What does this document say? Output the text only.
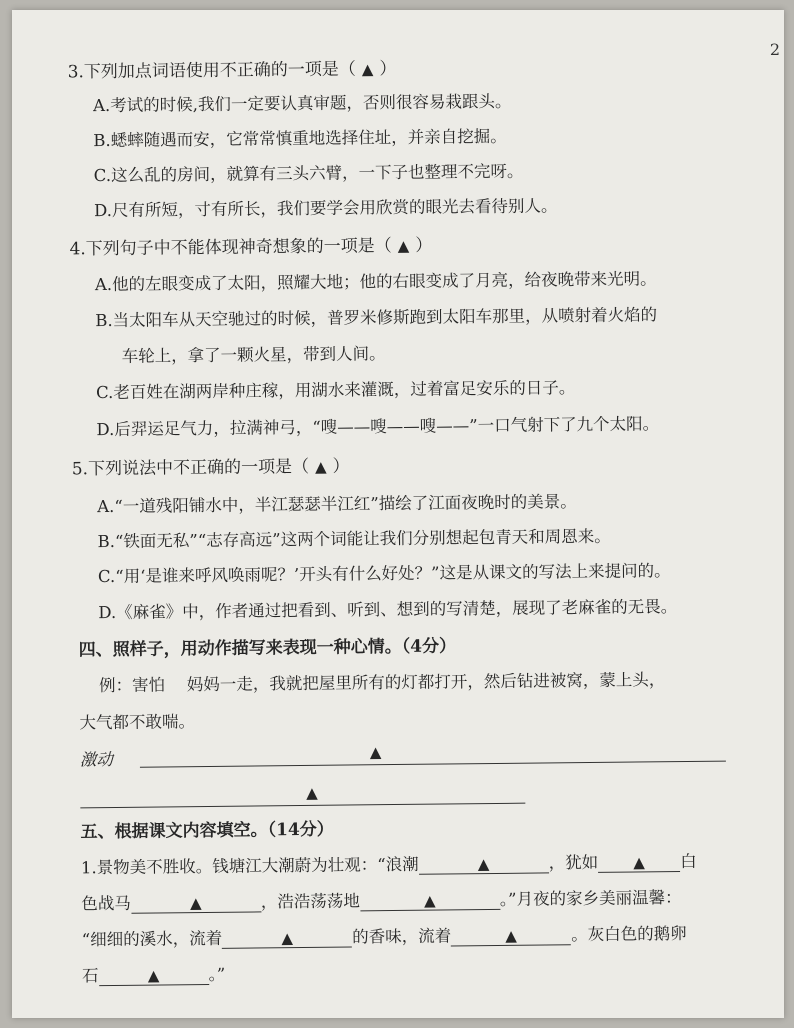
2
3.下列加点词语使用不正确的一项是（ ▲ ）
A.考试的时候,我们一定要认真审题，否则很容易栽跟头。
B.蟋蟀随遇而安，它常常慎重地选择住址，并亲自挖掘。
C.这么乱的房间，就算有三头六臂，一下子也整理不完呀。
D.尺有所短，寸有所长，我们要学会用欣赏的眼光去看待别人。
4.下列句子中不能体现神奇想象的一项是（ ▲ ）
A.他的左眼变成了太阳，照耀大地；他的右眼变成了月亮，给夜晚带来光明。
B.当太阳车从天空驰过的时候，普罗米修斯跑到太阳车那里，从喷射着火焰的
车轮上，拿了一颗火星，带到人间。
C.老百姓在湖两岸种庄稼，用湖水来灌溉，过着富足安乐的日子。
D.后羿运足气力，拉满神弓，“嗖——嗖——嗖——”一口气射下了九个太阳。
5.下列说法中不正确的一项是（ ▲ ）
A.“一道残阳铺水中，半江瑟瑟半江红”描绘了江面夜晚时的美景。
B.“铁面无私”“志存高远”这两个词能让我们分别想起包青天和周恩来。
C.“用‘是谁来呼风唤雨呢？’开头有什么好处？”这是从课文的写法上来提问的。
D.《麻雀》中，作者通过把看到、听到、想到的写清楚，展现了老麻雀的无畏。
四、照样子，用动作描写来表现一种心情。（4分）
例：害怕　 妈妈一走，我就把屋里所有的灯都打开，然后钻进被窝，蒙上头，
大气都不敢喘。
激动	▲
▲
五、根据课文内容填空。（14分）
1.景物美不胜收。钱塘江大潮蔚为壮观：“浪潮	▲	，犹如 ▲ 白
色战马	▲	，浩浩荡荡地	▲	。”月夜的家乡美丽温馨：
“细细的溪水，流着	▲	的香味，流着	▲	。灰白色的鹅卵
石	▲	。”
